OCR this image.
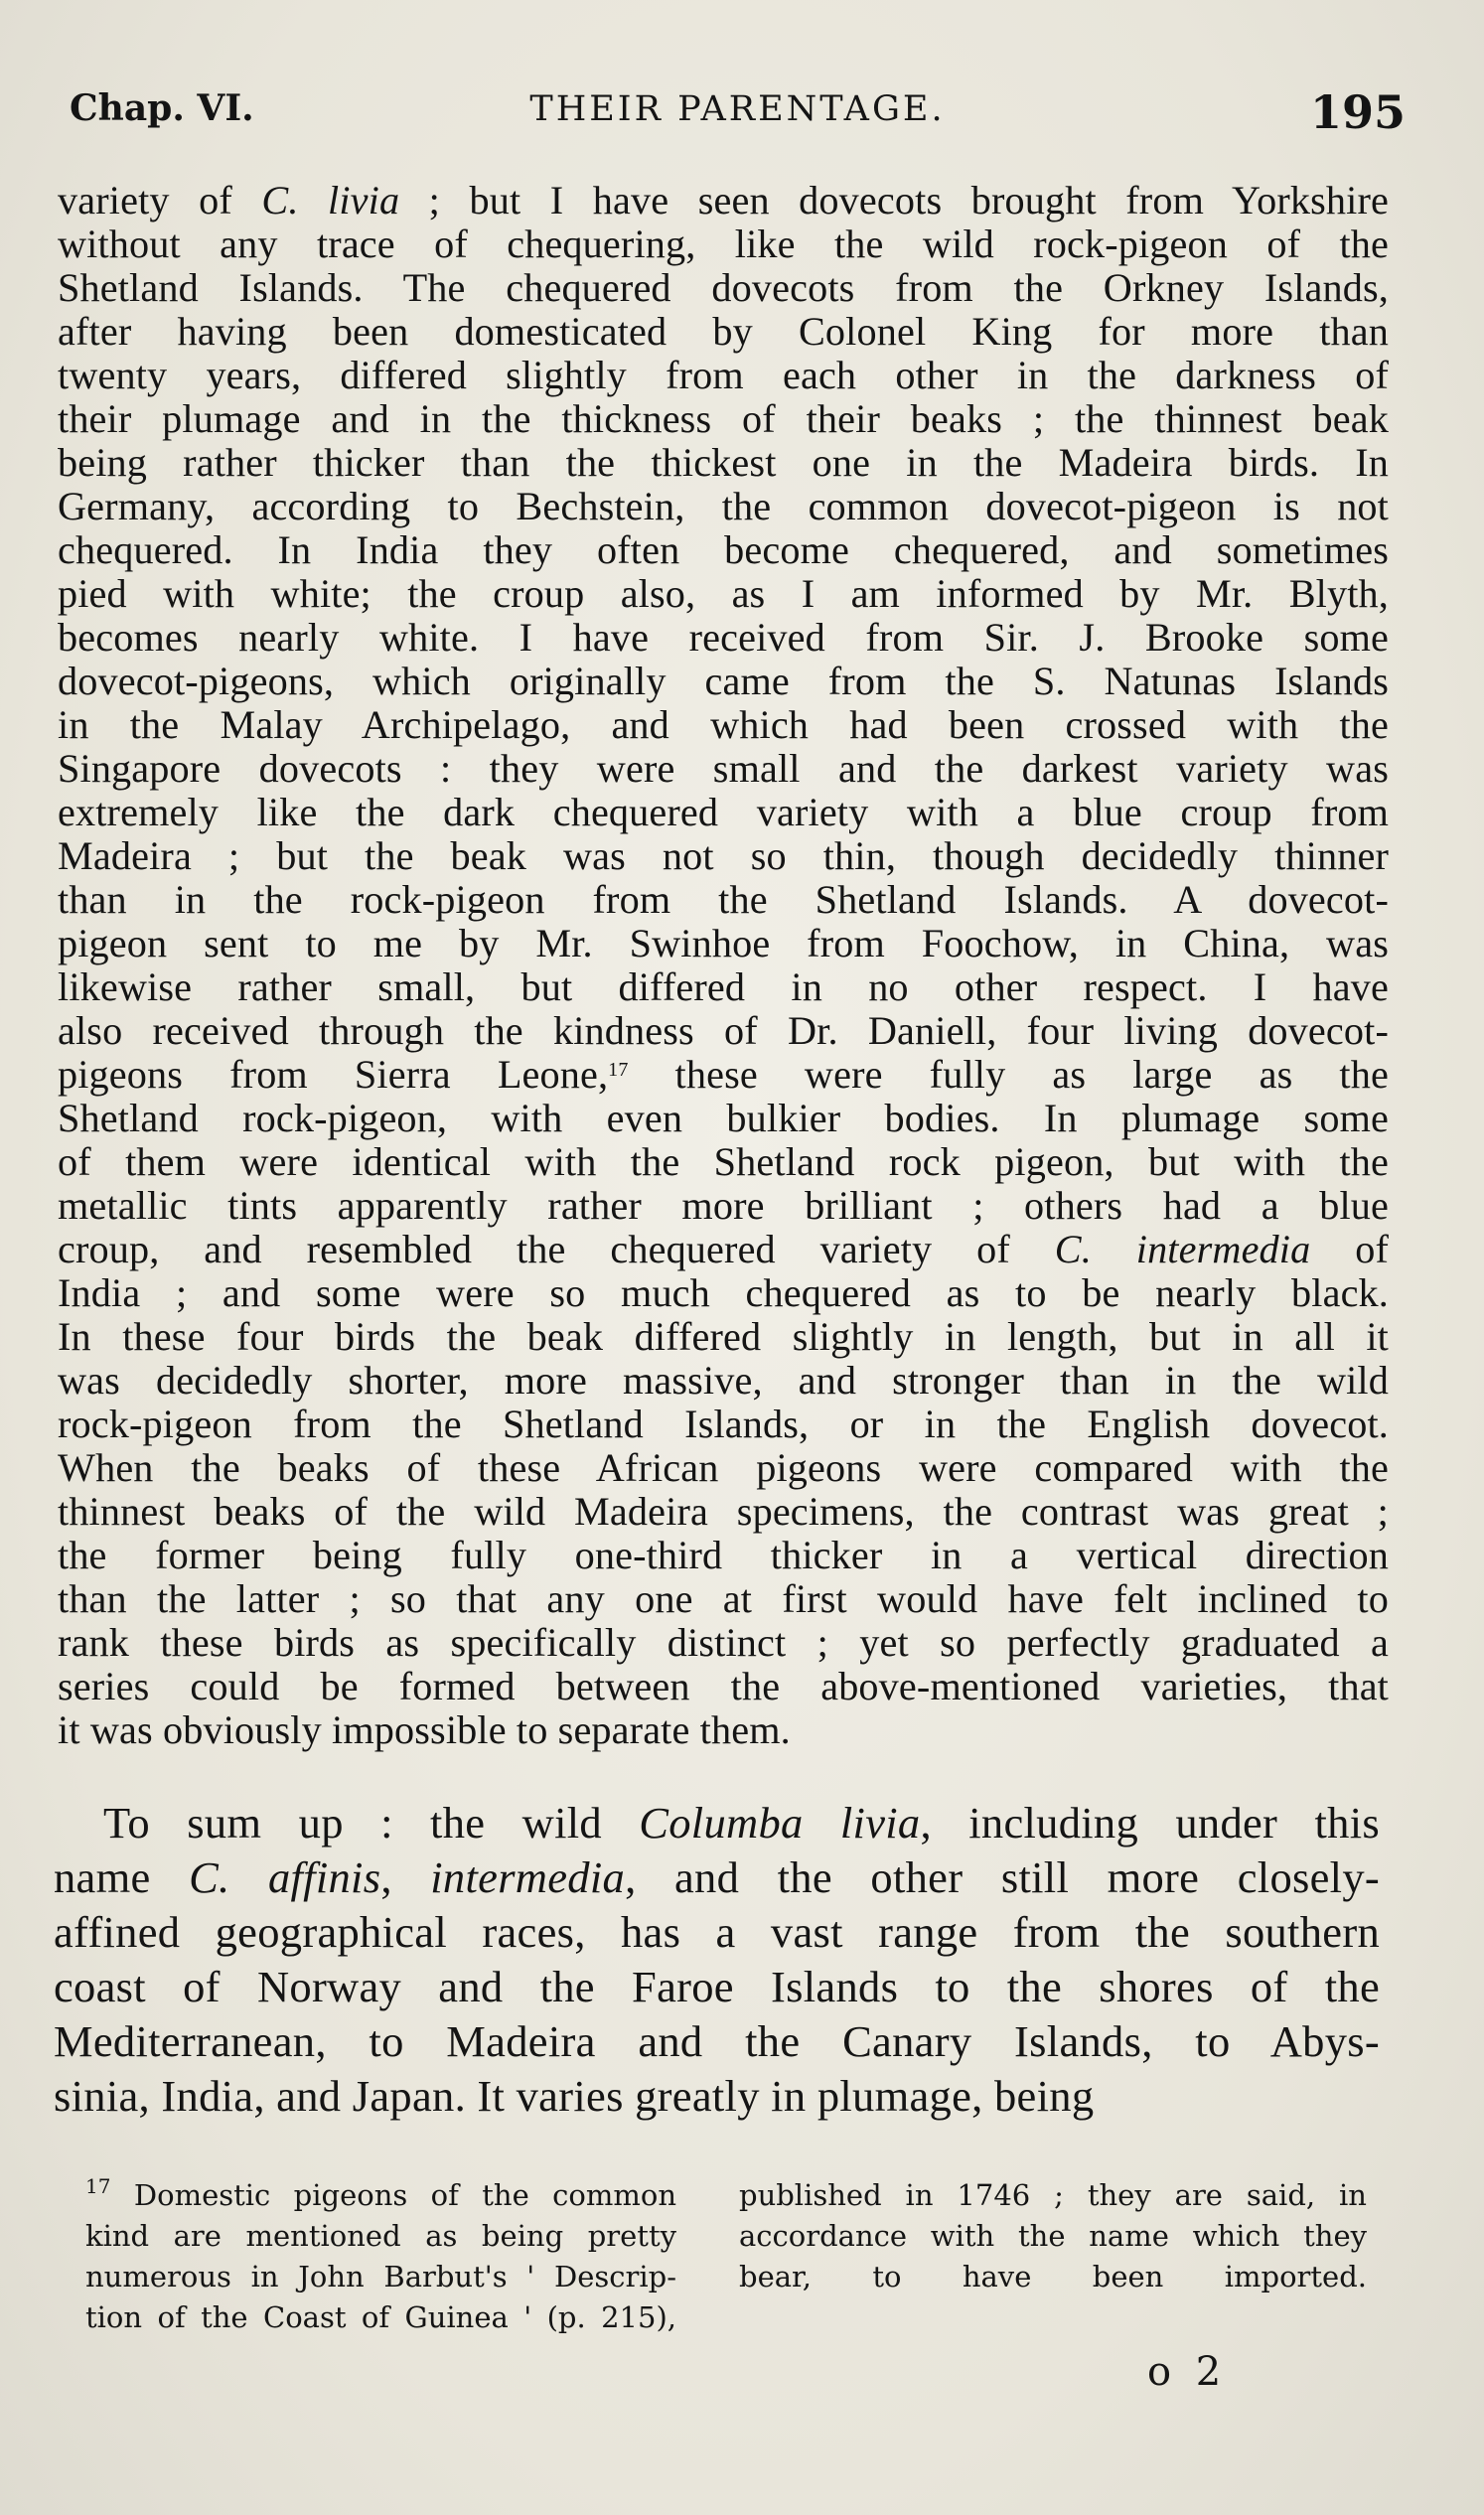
Chap. VI.	THEIR PARENTAGE.	195
variety of C. livia ; but I have seen dovecots brought from Yorkshire
without any trace of chequering, like the wild rock-pigeon of the
Shetland Islands. The chequered dovecots from the Orkney Islands,
after having been domesticated by Colonel King for more than
twenty years, differed slightly from each other in the darkness of
their plumage and in the thickness of their beaks ; the thinnest beak
being rather thicker than the thickest one in the Madeira birds. In
Germany, according to Bechstein, the common dovecot-pigeon is not
chequered. In India they often become chequered, and sometimes
pied with white; the croup also, as I am informed by Mr. Blyth,
becomes nearly white. I have received from Sir. J. Brooke some
dovecot-pigeons, which originally came from the S. Natunas Islands
in the Malay Archipelago, and which had been crossed with the
Singapore dovecots : they were small and the darkest variety was
extremely like the dark chequered variety with a blue croup from
Madeira ; but the beak was not so thin, though decidedly thinner
than in the rock-pigeon from the Shetland Islands. A dovecot-
pigeon sent to me by Mr. Swinhoe from Foochow, in China, was
likewise rather small, but differed in no other respect. I have
also received through the kindness of Dr. Daniell, four living dovecot-
pigeons from Sierra Leone,$^{17}$ these were fully as large as the
Shetland rock-pigeon, with even bulkier bodies. In plumage some
of them were identical with the Shetland rock pigeon, but with the
metallic tints apparently rather more brilliant ; others had a blue
croup, and resembled the chequered variety of C. intermedia of
India ; and some were so much chequered as to be nearly black.
In these four birds the beak differed slightly in length, but in all it
was decidedly shorter, more massive, and stronger than in the wild
rock-pigeon from the Shetland Islands, or in the English dovecot.
When the beaks of these African pigeons were compared with the
thinnest beaks of the wild Madeira specimens, the contrast was great ;
the former being fully one-third thicker in a vertical direction
than the latter ; so that any one at first would have felt inclined to
rank these birds as specifically distinct ; yet so perfectly graduated a
series could be formed between the above-mentioned varieties, that
it was obviously impossible to separate them.
To sum up : the wild Columba livia, including under this
name C. affinis, intermedia, and the other still more closely-
affined geographical races, has a vast range from the southern
coast of Norway and the Faroe Islands to the shores of the
Mediterranean, to Madeira and the Canary Islands, to Abys-
sinia, India, and Japan. It varies greatly in plumage, being
$^{17}$ Domestic pigeons of the common
kind are mentioned as being pretty
numerous in John Barbut's ' Descrip-
tion of the Coast of Guinea ' (p. 215),
published in 1746 ; they are said, in
accordance with the name which they
bear, to have been imported.
o 2
